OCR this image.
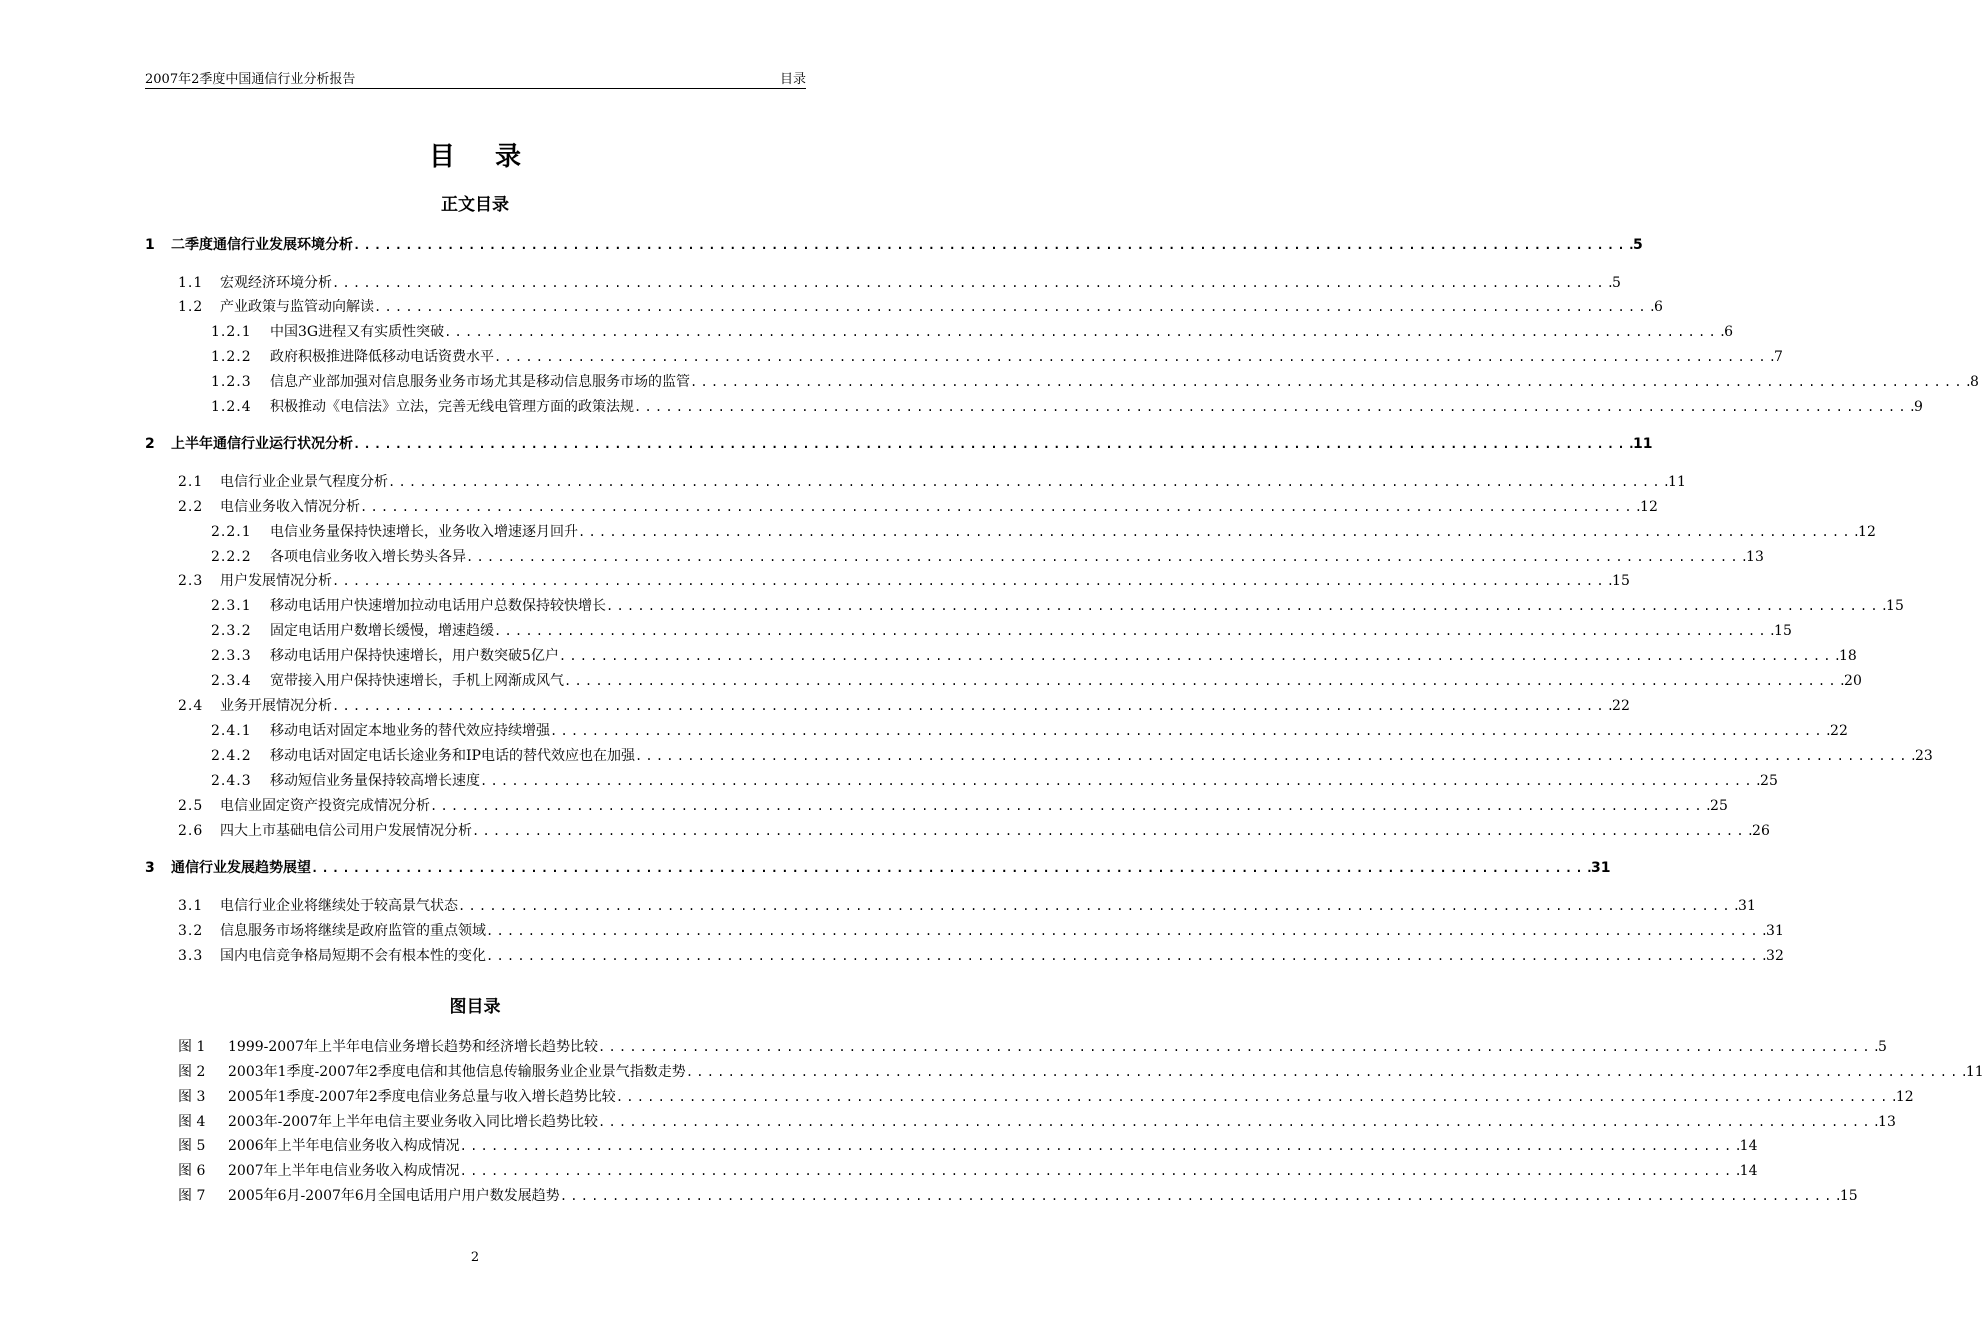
2007年2季度中国通信行业分析报告	目录
目录
正文目录
1	二季度通信行业发展环境分析 . . .	5
1.1	宏观经济环境分析 . . .	5
1.2	产业政策与监管动向解读 . . .	6
1.2.1	中国3G进程又有实质性突破 . . .	6
1.2.2	政府积极推进降低移动电话资费水平 . . .	7
1.2.3	信息产业部加强对信息服务业务市场尤其是移动信息服务市场的监管 . . .	8
1.2.4	积极推动《电信法》立法，完善无线电管理方面的政策法规 . . .	9
2	上半年通信行业运行状况分析 . . .	11
2.1	电信行业企业景气程度分析 . . .	11
2.2	电信业务收入情况分析 . . .	12
2.2.1	电信业务量保持快速增长，业务收入增速逐月回升 . . .	12
2.2.2	各项电信业务收入增长势头各异 . . .	13
2.3	用户发展情况分析 . . .	15
2.3.1	移动电话用户快速增加拉动电话用户总数保持较快增长 . . .	15
2.3.2	固定电话用户数增长缓慢，增速趋缓 . . .	15
2.3.3	移动电话用户保持快速增长，用户数突破5亿户 . . .	18
2.3.4	宽带接入用户保持快速增长，手机上网渐成风气 . . .	20
2.4	业务开展情况分析 . . .	22
2.4.1	移动电话对固定本地业务的替代效应持续增强 . . .	22
2.4.2	移动电话对固定电话长途业务和IP电话的替代效应也在加强 . . .	23
2.4.3	移动短信业务量保持较高增长速度 . . .	25
2.5	电信业固定资产投资完成情况分析 . . .	25
2.6	四大上市基础电信公司用户发展情况分析 . . .	26
3	通信行业发展趋势展望 . . .	31
3.1	电信行业企业将继续处于较高景气状态 . . .	31
3.2	信息服务市场将继续是政府监管的重点领域 . . .	31
3.3	国内电信竞争格局短期不会有根本性的变化 . . .	32
图目录
图 1	1999-2007年上半年电信业务增长趋势和经济增长趋势比较 . . .	5
图 2	2003年1季度-2007年2季度电信和其他信息传输服务业企业景气指数走势 . . .	11
图 3	2005年1季度-2007年2季度电信业务总量与收入增长趋势比较 . . .	12
图 4	2003年-2007年上半年电信主要业务收入同比增长趋势比较 . . .	13
图 5	2006年上半年电信业务收入构成情况 . . .	14
图 6	2007年上半年电信业务收入构成情况 . . .	14
图 7	2005年6月-2007年6月全国电话用户用户数发展趋势 . . .	15
2
